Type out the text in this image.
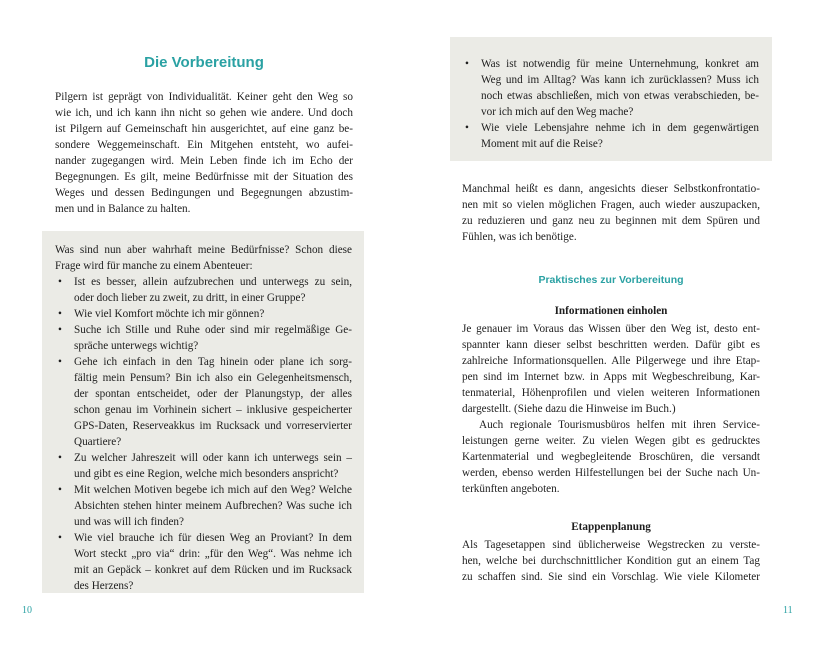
Die Vorbereitung
Pilgern ist geprägt von Individualität. Keiner geht den Weg so
wie ich, und ich kann ihn nicht so gehen wie andere. Und doch
ist Pilgern auf Gemeinschaft hin ausgerichtet, auf eine ganz be-
sondere Weggemeinschaft. Ein Mitgehen entsteht, wo aufei-
nander zugegangen wird. Mein Leben finde ich im Echo der
Begegnungen. Es gilt, meine Bedürfnisse mit der Situation des
Weges und dessen Bedingungen und Begegnungen abzustim-
men und in Balance zu halten.
Was sind nun aber wahrhaft meine Bedürfnisse? Schon diese
Frage wird für manche zu einem Abenteuer:
• Ist es besser, allein aufzubrechen und unterwegs zu sein,
oder doch lieber zu zweit, zu dritt, in einer Gruppe?
• Wie viel Komfort möchte ich mir gönnen?
• Suche ich Stille und Ruhe oder sind mir regelmäßige Ge-
spräche unterwegs wichtig?
• Gehe ich einfach in den Tag hinein oder plane ich sorg-
fältig mein Pensum? Bin ich also ein Gelegenheitsmensch,
der spontan entscheidet, oder der Planungstyp, der alles
schon genau im Vorhinein sichert – inklusive gespeicherter
GPS-Daten, Reserveakkus im Rucksack und vorreservierter
Quartiere?
• Zu welcher Jahreszeit will oder kann ich unterwegs sein –
und gibt es eine Region, welche mich besonders anspricht?
• Mit welchen Motiven begebe ich mich auf den Weg? Welche
Absichten stehen hinter meinem Aufbrechen? Was suche ich
und was will ich finden?
• Wie viel brauche ich für diesen Weg an Proviant? In dem
Wort steckt „pro via“ drin: „für den Weg“. Was nehme ich
mit an Gepäck – konkret auf dem Rücken und im Rucksack
des Herzens?
10
• Was ist notwendig für meine Unternehmung, konkret am
Weg und im Alltag? Was kann ich zurücklassen? Muss ich
noch etwas abschließen, mich von etwas verabschieden, be-
vor ich mich auf den Weg mache?
• Wie viele Lebensjahre nehme ich in dem gegenwärtigen
Moment mit auf die Reise?
Manchmal heißt es dann, angesichts dieser Selbstkonfrontatio-
nen mit so vielen möglichen Fragen, auch wieder auszupacken,
zu reduzieren und ganz neu zu beginnen mit dem Spüren und
Fühlen, was ich benötige.
Praktisches zur Vorbereitung
Informationen einholen
Je genauer im Voraus das Wissen über den Weg ist, desto ent-
spannter kann dieser selbst beschritten werden. Dafür gibt es
zahlreiche Informationsquellen. Alle Pilgerwege und ihre Etap-
pen sind im Internet bzw. in Apps mit Wegbeschreibung, Kar-
tenmaterial, Höhenprofilen und vielen weiteren Informationen
dargestellt. (Siehe dazu die Hinweise im Buch.)
Auch regionale Tourismusbüros helfen mit ihren Service-
leistungen gerne weiter. Zu vielen Wegen gibt es gedrucktes
Kartenmaterial und wegbegleitende Broschüren, die versandt
werden, ebenso werden Hilfestellungen bei der Suche nach Un-
terkünften angeboten.
Etappenplanung
Als Tagesetappen sind üblicherweise Wegstrecken zu verste-
hen, welche bei durchschnittlicher Kondition gut an einem Tag
zu schaffen sind. Sie sind ein Vorschlag. Wie viele Kilometer
11
